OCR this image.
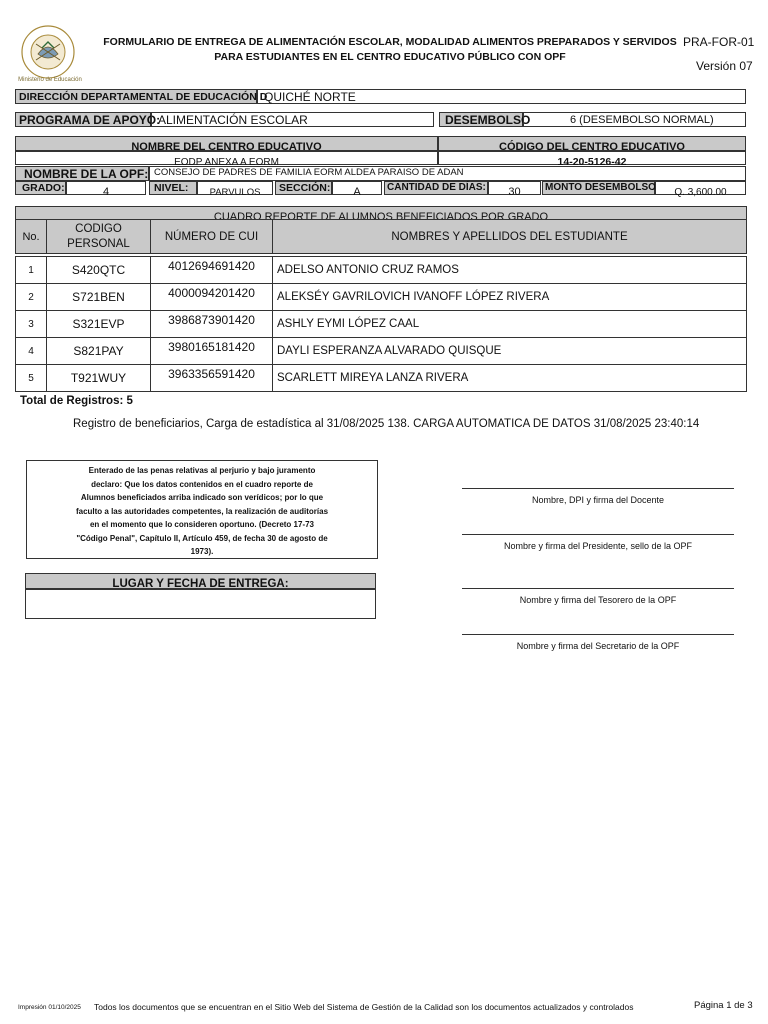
Ministerio de Educación
FORMULARIO DE ENTREGA DE ALIMENTACIÓN ESCOLAR, MODALIDAD ALIMENTOS PREPARADOS Y SERVIDOS
PARA ESTUDIANTES EN EL CENTRO EDUCATIVO PÚBLICO CON OPF
PRA-FOR-01
Versión 07
DIRECCIÓN DEPARTAMENTAL DE EDUCACIÓN D
QUICHÉ NORTE
PROGRAMA DE APOYO:
ALIMENTACIÓN ESCOLAR	DESEMBOLSO	6 (DESEMBOLSO NORMAL)
NOMBRE DEL CENTRO EDUCATIVO	CÓDIGO DEL CENTRO EDUCATIVO
EODP ANEXA A EORM	14-20-5126-42
NOMBRE DE LA OPF: CONSEJO DE PADRES DE FAMILIA EORM ALDEA PARAISO DE ADAN
GRADO:	4	NIVEL:	PARVULOS	SECCIÓN:	A	CANTIDAD DE DÍAS:	30	MONTO DESEMBOLSO	Q. 3,600.00
CUADRO REPORTE DE ALUMNOS BENEFICIADOS POR GRADO
No.	CODIGO
PERSONAL	NÚMERO DE CUI	NOMBRES Y APELLIDOS DEL ESTUDIANTE

1	S420QTC	4012694691420	ADELSO ANTONIO CRUZ RAMOS
2	S721BEN	4000094201420	ALEKSÉY GAVRILOVICH IVANOFF LÓPEZ RIVERA
3	S321EVP	3986873901420	ASHLY EYMI LÓPEZ CAAL
4	S821PAY	3980165181420	DAYLI ESPERANZA ALVARADO QUISQUE
5	T921WUY	3963356591420	SCARLETT MIREYA LANZA RIVERA
Total de Registros: 5
Registro de beneficiarios, Carga de estadística al 31/08/2025 138. CARGA AUTOMATICA DE DATOS 31/08/2025 23:40:14
Enterado de las penas relativas al perjurio y bajo juramento
declaro: Que los datos contenidos en el cuadro reporte de
Alumnos beneficiados arriba indicado son verídicos; por lo que
faculto a las autoridades competentes, la realización de auditorías
en el momento que lo consideren oportuno. (Decreto 17-73
"Código Penal", Capítulo II, Artículo 459, de fecha 30 de agosto de
1973).
LUGAR Y FECHA DE ENTREGA:
Nombre, DPI y firma del Docente
Nombre y firma del Presidente, sello de la OPF
Nombre y firma del Tesorero de la OPF
Nombre y firma del Secretario de la OPF
Impresión 01/10/2025 Todos los documentos que se encuentran en el Sitio Web del Sistema de Gestión de la Calidad son los documentos actualizados y controlados	Página 1 de 3
